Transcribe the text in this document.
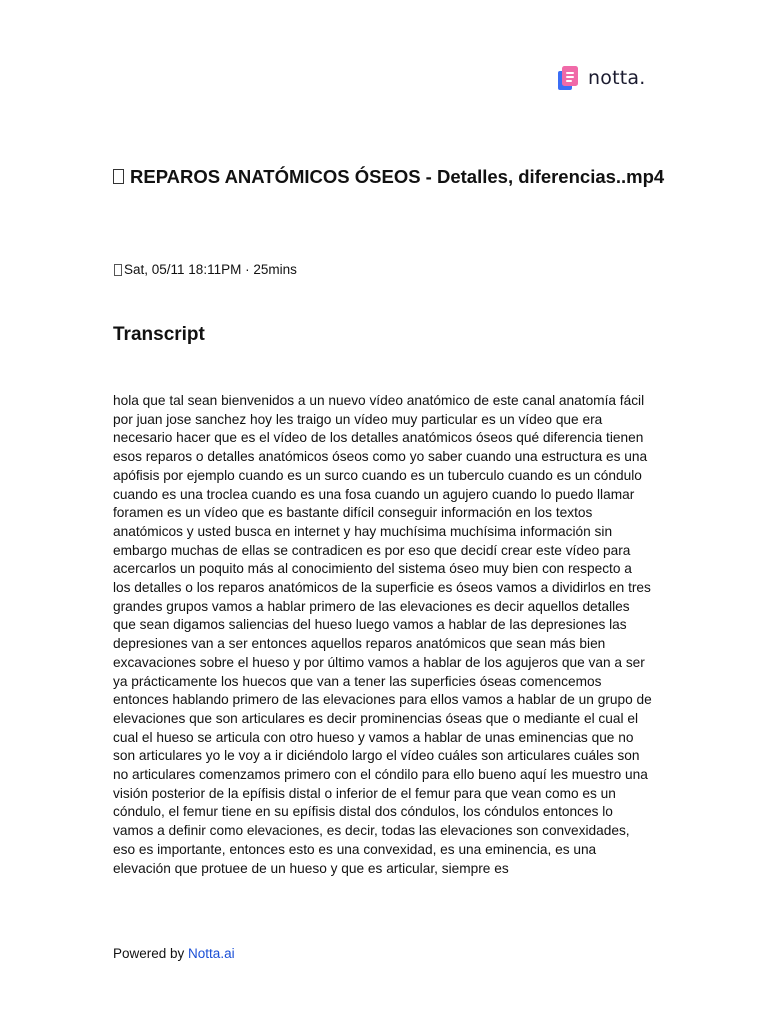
notta.
REPAROS ANATÓMICOS ÓSEOS - Detalles, diferencias..mp4
Sat, 05/11 18:11PM · 25mins
Transcript

hola que tal sean bienvenidos a un nuevo vídeo anatómico de este canal anatomía fácil por juan jose sanchez hoy les traigo un vídeo muy particular es un vídeo que era necesario hacer que es el vídeo de los detalles anatómicos óseos qué diferencia tienen esos reparos o detalles anatómicos óseos como yo saber cuando una estructura es una apófisis por ejemplo cuando es un surco cuando es un tuberculo cuando es un cóndulo cuando es una troclea cuando es una fosa cuando un agujero cuando lo puedo llamar foramen es un vídeo que es bastante difícil conseguir información en los textos anatómicos y usted busca en internet y hay muchísima muchísima información sin embargo muchas de ellas se contradicen es por eso que decidí crear este vídeo para acercarlos un poquito más al conocimiento del sistema óseo muy bien con respecto a los detalles o los reparos anatómicos de la superficie es óseos vamos a dividirlos en tres grandes grupos vamos a hablar primero de las elevaciones es decir aquellos detalles que sean digamos saliencias del hueso luego vamos a hablar de las depresiones las depresiones van a ser entonces aquellos reparos anatómicos que sean más bien excavaciones sobre el hueso y por último vamos a hablar de los agujeros que van a ser ya prácticamente los huecos que van a tener las superficies óseas comencemos entonces hablando primero de las elevaciones para ellos vamos a hablar de un grupo de elevaciones que son articulares es decir prominencias óseas que o mediante el cual el cual el hueso se articula con otro hueso y vamos a hablar de unas eminencias que no son articulares yo le voy a ir diciéndolo largo el vídeo cuáles son articulares cuáles son no articulares comenzamos primero con el cóndilo para ello bueno aquí les muestro una visión posterior de la epífisis distal o inferior de el femur para que vean como es un cóndulo, el femur tiene en su epífisis distal dos cóndulos, los cóndulos entonces lo vamos a definir como elevaciones, es decir, todas las elevaciones son convexidades, eso es importante, entonces esto es una convexidad, es una eminencia, es una elevación que protuee de un hueso y que es articular, siempre es

Powered by Notta.ai
